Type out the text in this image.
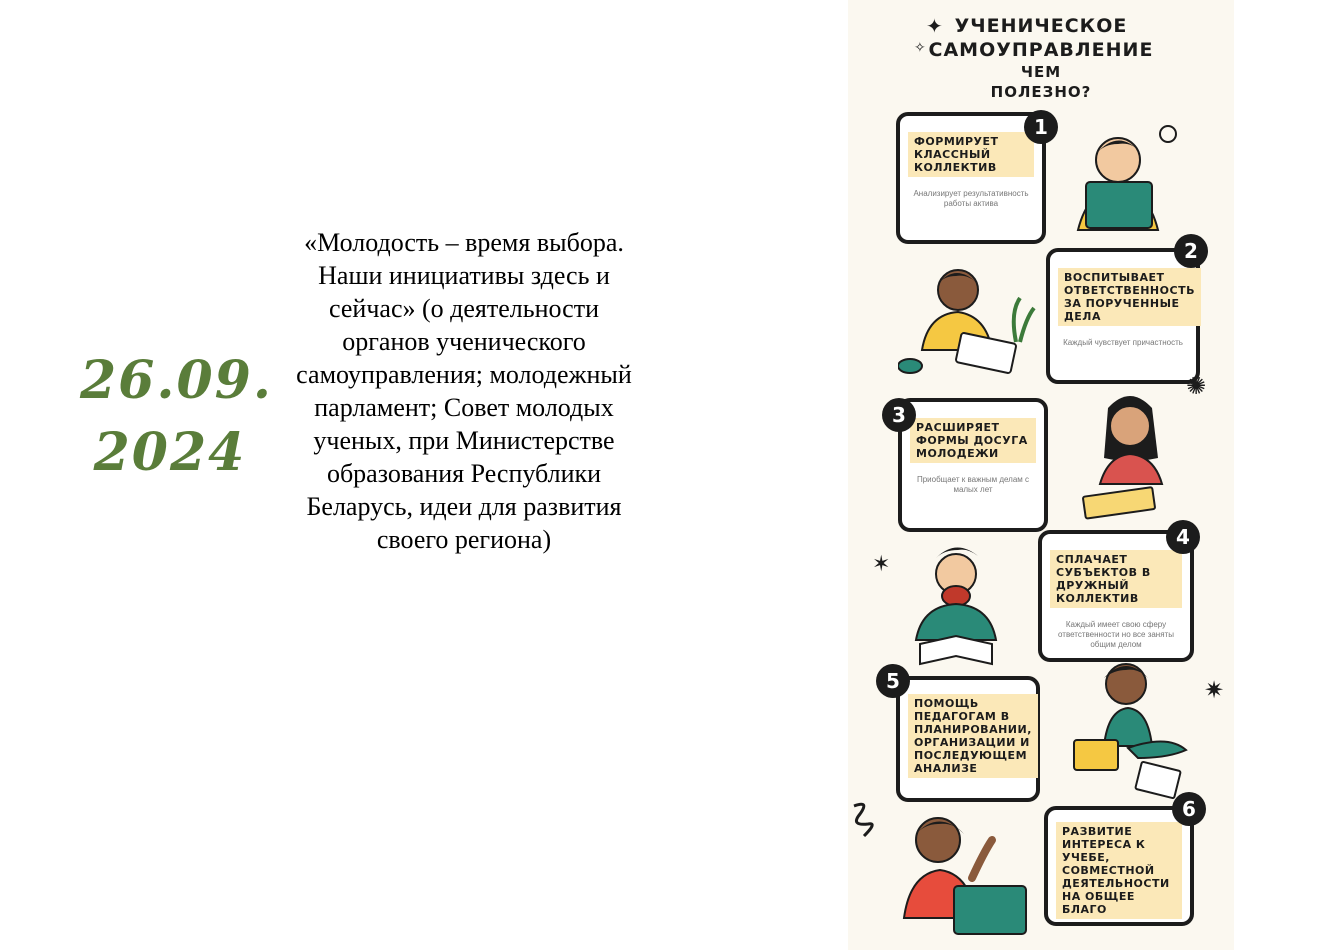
26.09.
2024
«Молодость – время выбора. Наши инициативы здесь и сейчас» (о деятельности органов ученического самоуправления; молодежный парламент; Совет молодых ученых, при Министерстве образования Республики Беларусь, идеи для развития своего региона)
✦
✧
УЧЕНИЧЕСКОЕ
САМОУПРАВЛЕНИЕ
ЧЕМ
ПОЛЕЗНО?
ФОРМИРУЕТ КЛАССНЫЙ КОЛЛЕКТИВ
Анализирует результативность работы актива
1
ВОСПИТЫВАЕТ ОТВЕТСТВЕННОСТЬ ЗА ПОРУЧЕННЫЕ ДЕЛА
Каждый чувствует причастность
2
РАСШИРЯЕТ ФОРМЫ ДОСУГА МОЛОДЕЖИ
Приобщает к важным делам с малых лет
3
✺
СПЛАЧАЕТ СУБЪЕКТОВ В ДРУЖНЫЙ КОЛЛЕКТИВ
Каждый имеет свою сферу ответственности но все заняты общим делом
4
✶
ПОМОЩЬ ПЕДАГОГАМ В ПЛАНИРОВАНИИ, ОРГАНИЗАЦИИ И ПОСЛЕДУЮЩЕМ АНАЛИЗЕ
5	✷
РАЗВИТИЕ ИНТЕРЕСА К УЧЕБЕ, СОВМЕСТНОЙ ДЕЯТЕЛЬНОСТИ НА ОБЩЕЕ БЛАГО
6
